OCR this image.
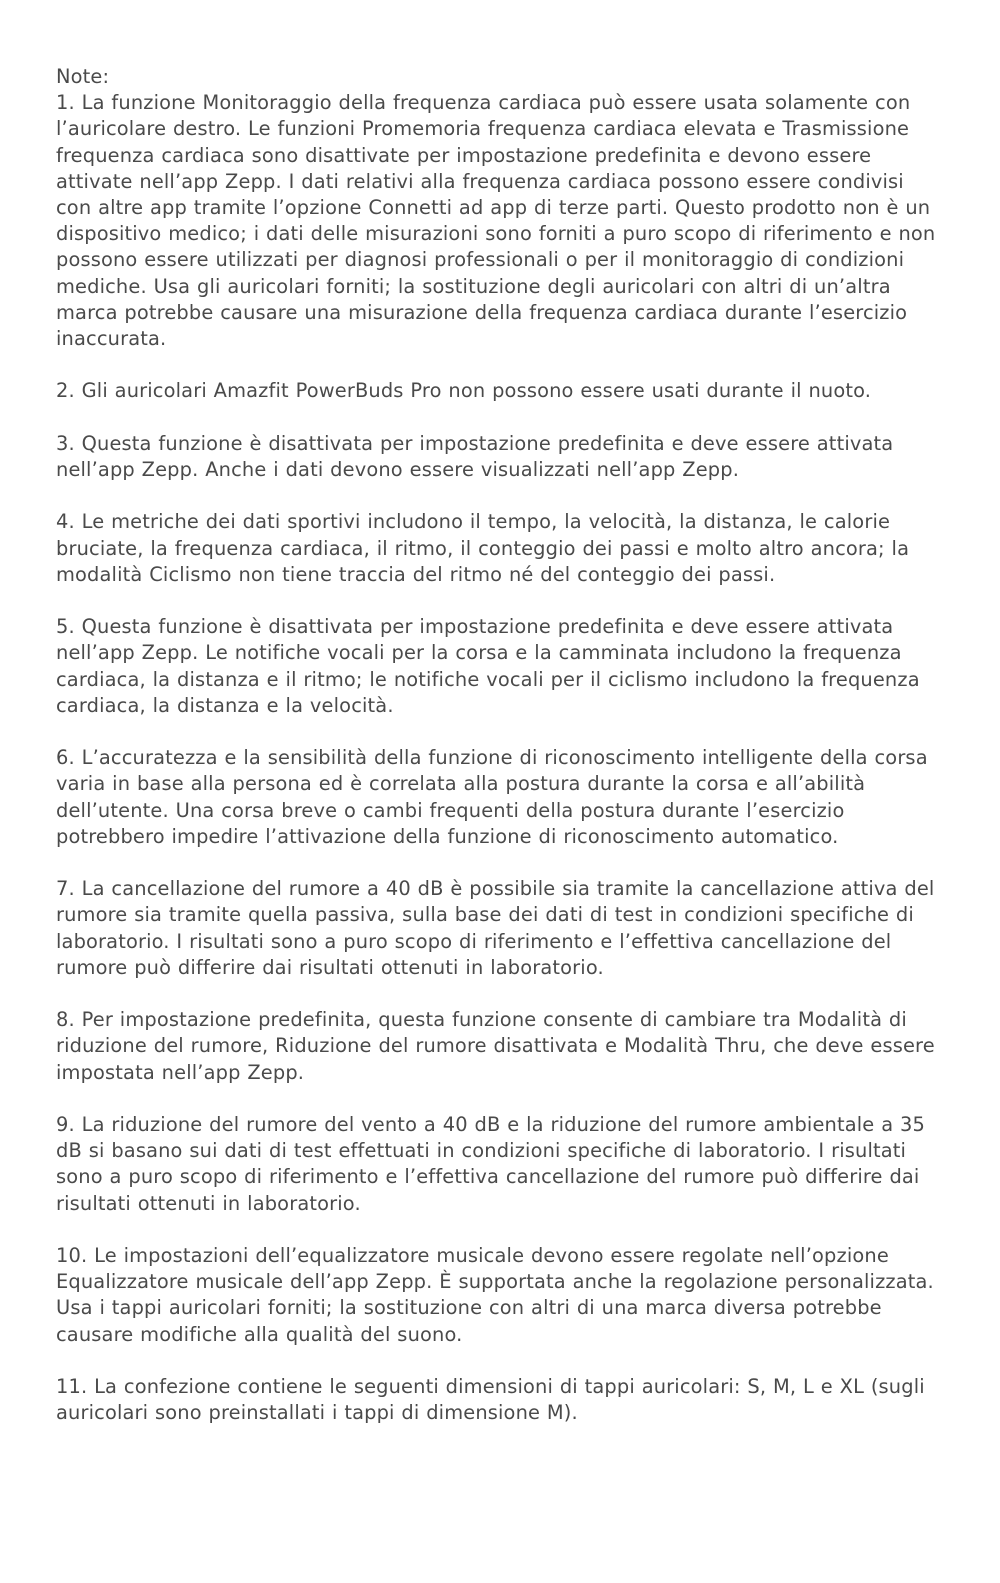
Note:

1. La funzione Monitoraggio della frequenza cardiaca può essere usata solamente con l’auricolare destro. Le funzioni Promemoria frequenza cardiaca elevata e Trasmissione frequenza cardiaca sono disattivate per impostazione predefinita e devono essere attivate nell’app Zepp. I dati relativi alla frequenza cardiaca possono essere condivisi con altre app tramite l’opzione Connetti ad app di terze parti. Questo prodotto non è un dispositivo medico; i dati delle misurazioni sono forniti a puro scopo di riferimento e non possono essere utilizzati per diagnosi professionali o per il monitoraggio di condizioni mediche. Usa gli auricolari forniti; la sostituzione degli auricolari con altri di un’altra marca potrebbe causare una misurazione della frequenza cardiaca durante l’esercizio inaccurata.

2. Gli auricolari Amazfit PowerBuds Pro non possono essere usati durante il nuoto.

3. Questa funzione è disattivata per impostazione predefinita e deve essere attivata nell’app Zepp. Anche i dati devono essere visualizzati nell’app Zepp.

4. Le metriche dei dati sportivi includono il tempo, la velocità, la distanza, le calorie bruciate, la frequenza cardiaca, il ritmo, il conteggio dei passi e molto altro ancora; la modalità Ciclismo non tiene traccia del ritmo né del conteggio dei passi.

5. Questa funzione è disattivata per impostazione predefinita e deve essere attivata nell’app Zepp. Le notifiche vocali per la corsa e la camminata includono la frequenza cardiaca, la distanza e il ritmo; le notifiche vocali per il ciclismo includono la frequenza cardiaca, la distanza e la velocità.

6. L’accuratezza e la sensibilità della funzione di riconoscimento intelligente della corsa varia in base alla persona ed è correlata alla postura durante la corsa e all’abilità dell’utente. Una corsa breve o cambi frequenti della postura durante l’esercizio potrebbero impedire l’attivazione della funzione di riconoscimento automatico.

7. La cancellazione del rumore a 40 dB è possibile sia tramite la cancellazione attiva del rumore sia tramite quella passiva, sulla base dei dati di test in condizioni specifiche di laboratorio. I risultati sono a puro scopo di riferimento e l’effettiva cancellazione del rumore può differire dai risultati ottenuti in laboratorio.

8. Per impostazione predefinita, questa funzione consente di cambiare tra Modalità di riduzione del rumore, Riduzione del rumore disattivata e Modalità Thru, che deve essere impostata nell’app Zepp.

9. La riduzione del rumore del vento a 40 dB e la riduzione del rumore ambientale a 35 dB si basano sui dati di test effettuati in condizioni specifiche di laboratorio. I risultati sono a puro scopo di riferimento e l’effettiva cancellazione del rumore può differire dai risultati ottenuti in laboratorio.

10. Le impostazioni dell’equalizzatore musicale devono essere regolate nell’opzione Equalizzatore musicale dell’app Zepp. È supportata anche la regolazione personalizzata. Usa i tappi auricolari forniti; la sostituzione con altri di una marca diversa potrebbe causare modifiche alla qualità del suono.

11. La confezione contiene le seguenti dimensioni di tappi auricolari: S, M, L e XL (sugli auricolari sono preinstallati i tappi di dimensione M).
